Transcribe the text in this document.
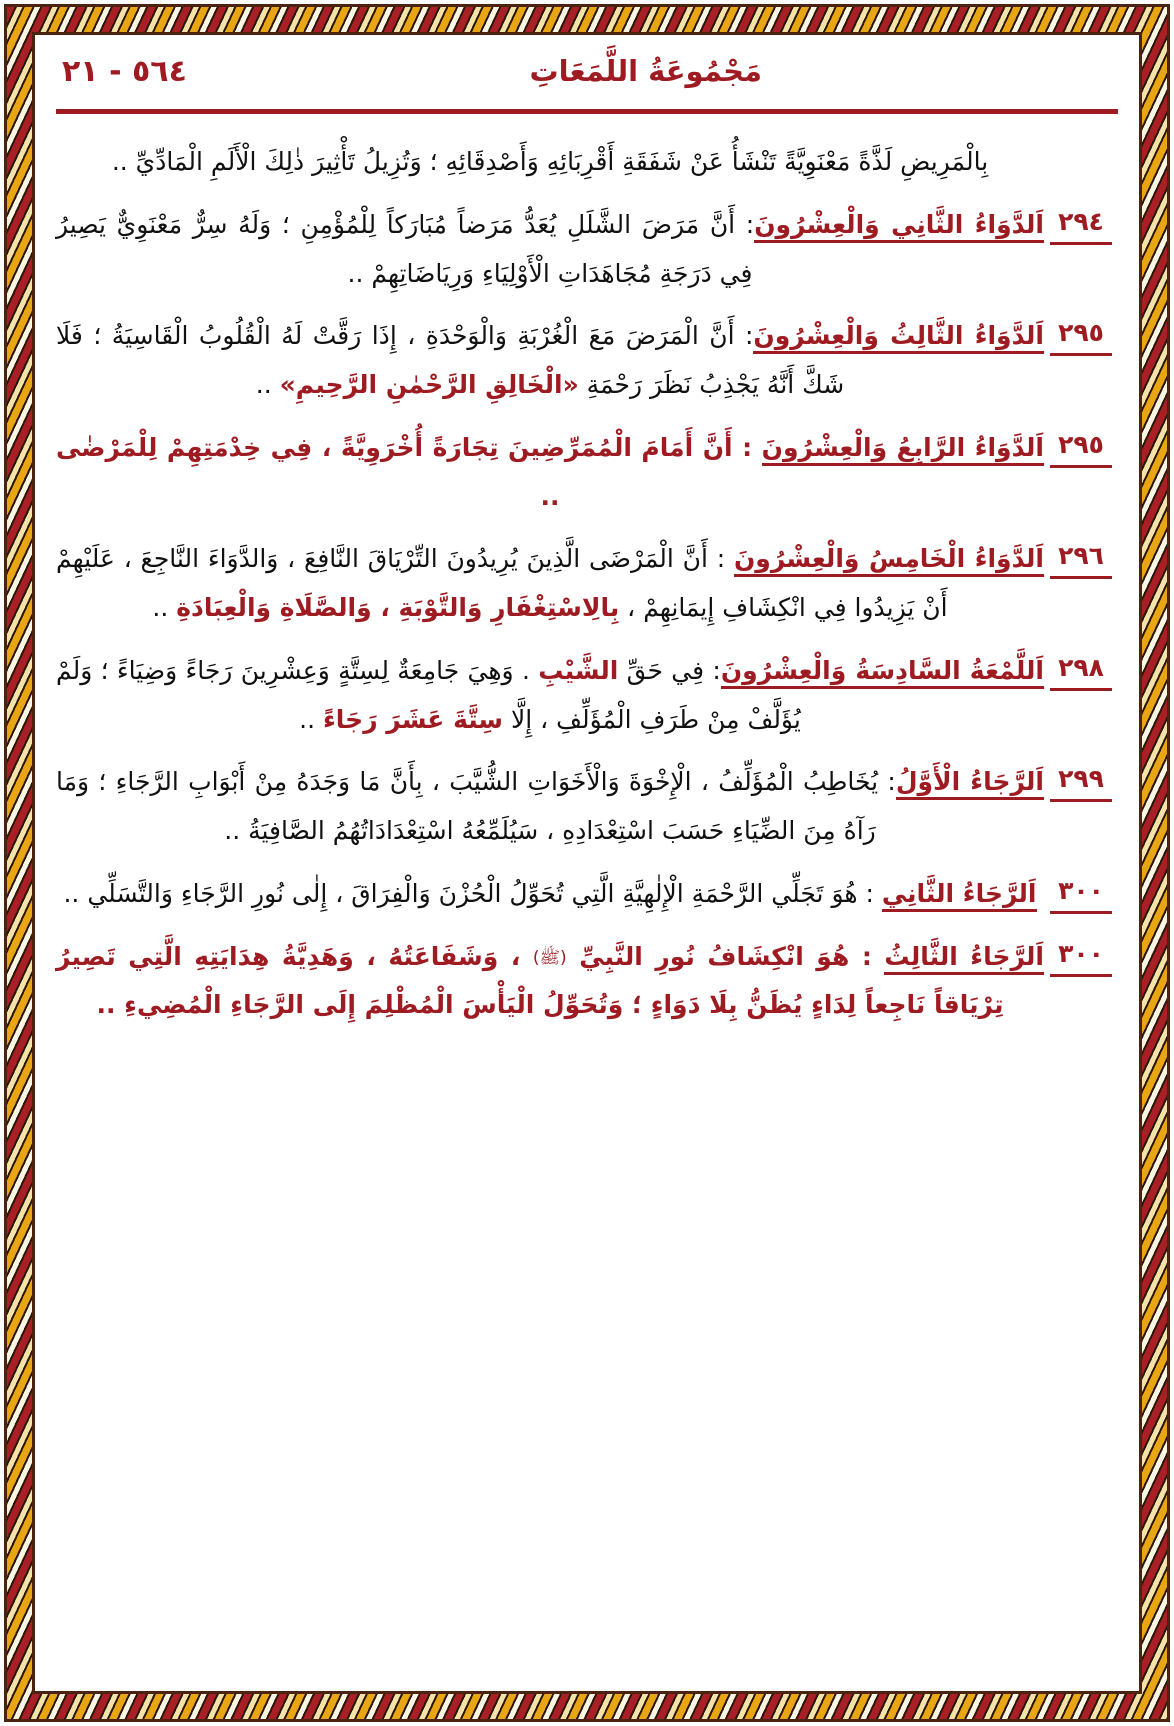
٥٦٤ - ٢١	مَجْمُوعَةُ اللَّمَعَاتِ
بِالْمَرِيضِ لَذَّةً مَعْنَوِيَّةً تَنْشَأُ عَنْ شَفَقَةِ أَقْرِبَائِهِ وَأَصْدِقَائِهِ ؛ وَتُزِيلُ تَأْثِيرَ ذٰلِكَ الْأَلَمِ الْمَادِّيِّ ..
٢٩٤
اَلدَّوَاءُ الثَّانِي وَالْعِشْرُونَ: أَنَّ مَرَضَ الشَّلَلِ يُعَدُّ مَرَضاً مُبَارَكاً لِلْمُؤْمِنِ ؛ وَلَهُ سِرٌّ مَعْنَوِيٌّ يَصِيرُ فِي دَرَجَةِ مُجَاهَدَاتِ الْأَوْلِيَاءِ وَرِيَاضَاتِهِمْ ..
٢٩٥
اَلدَّوَاءُ الثَّالِثُ وَالْعِشْرُونَ: أَنَّ الْمَرَضَ مَعَ الْغُرْبَةِ وَالْوَحْدَةِ ، إِذَا رَقَّتْ لَهُ الْقُلُوبُ الْقَاسِيَةُ ؛ فَلَا شَكَّ أَنَّهُ يَجْذِبُ نَظَرَ رَحْمَةِ «الْخَالِقِ الرَّحْمٰنِ الرَّحِيمِ» ..
٢٩٥
اَلدَّوَاءُ الرَّابِعُ وَالْعِشْرُونَ : أَنَّ أَمَامَ الْمُمَرِّضِينَ تِجَارَةً أُخْرَوِيَّةً ، فِي خِدْمَتِهِمْ لِلْمَرْضٰى ..
٢٩٦
اَلدَّوَاءُ الْخَامِسُ وَالْعِشْرُونَ : أَنَّ الْمَرْضَى الَّذِينَ يُرِيدُونَ التِّرْيَاقَ النَّافِعَ ، وَالدَّوَاءَ النَّاجِعَ ، عَلَيْهِمْ أَنْ يَزِيدُوا فِي انْكِشَافِ إِيمَانِهِمْ ، بِالِاسْتِغْفَارِ وَالتَّوْبَةِ ، وَالصَّلَاةِ وَالْعِبَادَةِ ..
٢٩٨
اَللَّمْعَةُ السَّادِسَةُ وَالْعِشْرُونَ: فِي حَقِّ الشَّيْبِ . وَهِيَ جَامِعَةٌ لِسِتَّةٍ وَعِشْرِينَ رَجَاءً وَضِيَاءً ؛ وَلَمْ يُؤَلَّفْ مِنْ طَرَفِ الْمُؤَلِّفِ ، إِلَّا سِتَّةَ عَشَرَ رَجَاءً ..
٢٩٩
اَلرَّجَاءُ الْأَوَّلُ: يُخَاطِبُ الْمُؤَلِّفُ ، الْإِخْوَةَ وَالْأَخَوَاتِ الشُّيَّبَ ، بِأَنَّ مَا وَجَدَهُ مِنْ أَبْوَابِ الرَّجَاءِ ؛ وَمَا رَآهُ مِنَ الضِّيَاءِ حَسَبَ اسْتِعْدَادِهِ ، سَيُلَمِّعُهُ اسْتِعْدَادَاتُهُمُ الصَّافِيَةُ ..
٣٠٠
اَلرَّجَاءُ الثَّانِي : هُوَ تَجَلِّي الرَّحْمَةِ الْإِلٰهِيَّةِ الَّتِي تُحَوِّلُ الْحُزْنَ وَالْفِرَاقَ ، إِلٰى نُورِ الرَّجَاءِ وَالتَّسَلِّي ..
٣٠٠
اَلرَّجَاءُ الثَّالِثُ : هُوَ انْكِشَافُ نُورِ النَّبِيِّ (ﷺ) ، وَشَفَاعَتُهُ ، وَهَدِيَّةُ هِدَايَتِهِ الَّتِي تَصِيرُ تِرْيَاقاً نَاجِعاً لِدَاءٍ يُظَنُّ بِلَا دَوَاءٍ ؛ وَتُحَوِّلُ الْيَأْسَ الْمُظْلِمَ إِلَى الرَّجَاءِ الْمُضِيءِ ..
